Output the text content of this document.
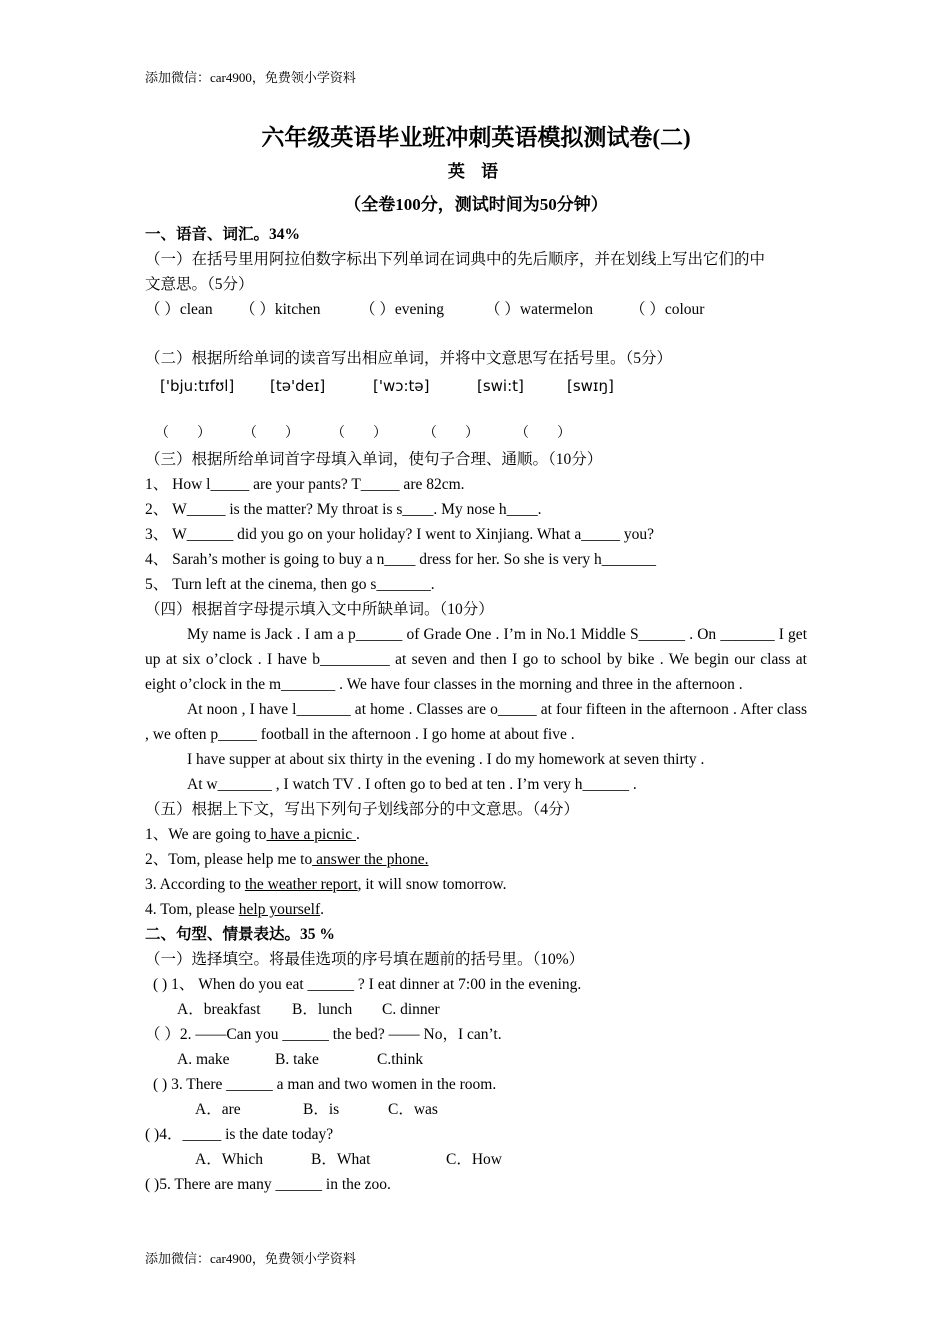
添加微信：car4900，免费领小学资料
六年级英语毕业班冲刺英语模拟测试卷(二)
英 语
（全卷100分，测试时间为50分钟）
一、语音、词汇。34%
（一）在括号里用阿拉伯数字标出下列单词在词典中的先后顺序，并在划线上写出它们的中
文意思。（5分）
（ ）clean （ ）kitchen	（ ）evening	（ ）watermelon （ ）colour
（二）根据所给单词的读音写出相应单词，并将中文意思写在括号里。（5分）
['bju:tɪfʊl] [tə'deɪ]	['wɔ:tə]	[swi:t]	[swɪŋ]
（　　） （　　） （　　）	（　　）	（　　）
（三）根据所给单词首字母填入单词，使句子合理、通顺。（10分）
1、 How l_____ are your pants? T_____ are 82cm.
2、 W_____ is the matter? My throat is s____. My nose h____.
3、 W______ did you go on your holiday? I went to Xinjiang. What a_____ you?
4、 Sarah’s mother is going to buy a n____ dress for her. So she is very h_______
5、 Turn left at the cinema, then go s_______.
（四）根据首字母提示填入文中所缺单词。（10分）
My name is Jack . I am a p______ of Grade One . I’m in No.1 Middle S______ . On _______ I get up at six o’clock . I have b_________ at seven and then I go to school by bike . We begin our class at eight o’clock in the m_______ . We have four classes in the morning and three in the afternoon .
At noon , I have l_______ at home . Classes are o_____ at four fifteen in the afternoon . After class , we often p_____ football in the afternoon . I go home at about five .
I have supper at about six thirty in the evening . I do my homework at seven thirty .
At w_______ , I watch TV . I often go to bed at ten . I’m very h______ .
（五）根据上下文，写出下列句子划线部分的中文意思。（4分）
1、We are going to have a picnic .
2、Tom, please help me to answer the phone.
3. According to the weather report, it will snow tomorrow.
4. Tom, please help yourself.
二、句型、情景表达。35 %
（一）选择填空。将最佳选项的序号填在题前的括号里。（10%）
( ) 1、 When do you eat ______ ? I eat dinner at 7:00 in the evening.
A．breakfast B．lunch C. dinner
（ ）2. ——Can you ______ the bed? —— No，I can’t.
A. make	B. take	C.think
( ) 3. There ______ a man and two women in the room.
A．are	B．is	C．was
( )4．_____ is the date today?
A．Which	B．What	C．How
( )5. There are many ______ in the zoo.
添加微信：car4900，免费领小学资料
